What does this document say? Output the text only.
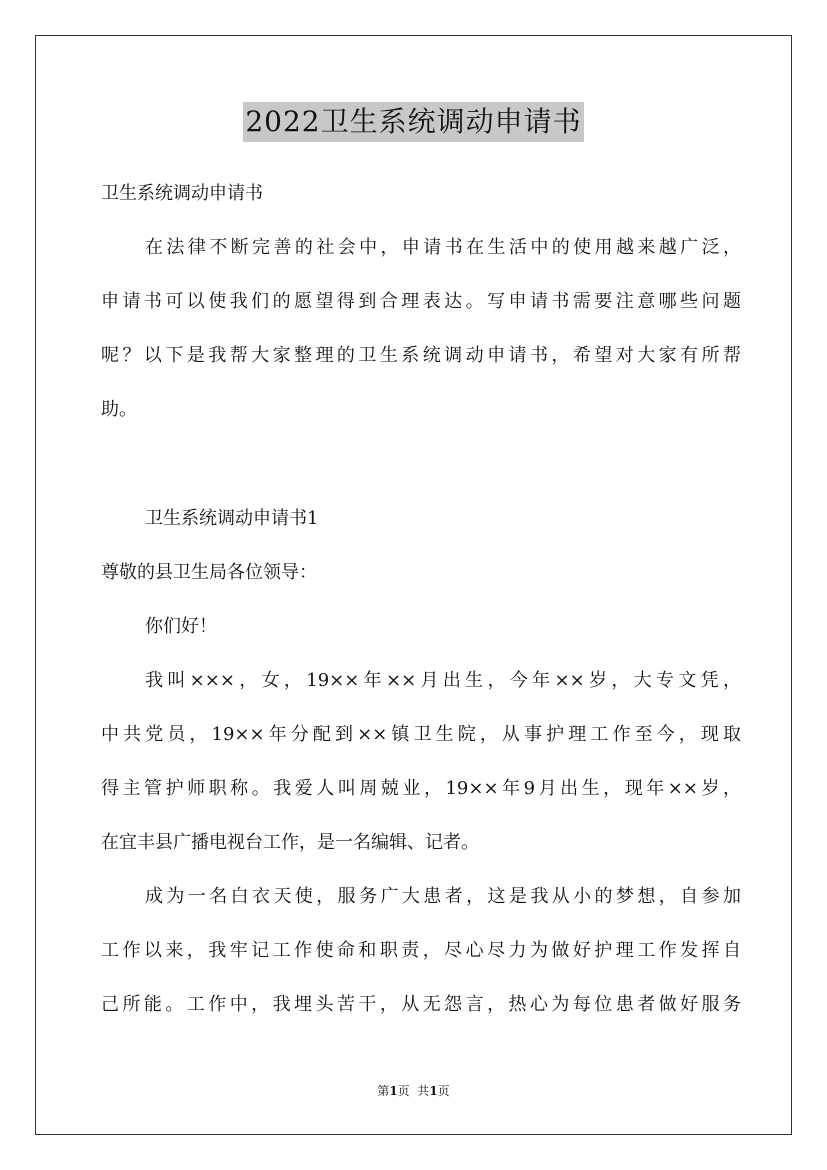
2022卫生系统调动申请书
卫生系统调动申请书
在法律不断完善的社会中，申请书在生活中的使用越来越广泛，
申请书可以使我们的愿望得到合理表达。写申请书需要注意哪些问题
呢？以下是我帮大家整理的卫生系统调动申请书，希望对大家有所帮
助。
卫生系统调动申请书1
尊敬的县卫生局各位领导：
你们好！
我叫×××，女，19××年××月出生，今年××岁，大专文凭，
中共党员，19××年分配到××镇卫生院，从事护理工作至今，现取
得主管护师职称。我爱人叫周兢业，19××年9月出生，现年××岁，
在宜丰县广播电视台工作，是一名编辑、记者。
成为一名白衣天使，服务广大患者，这是我从小的梦想，自参加
工作以来，我牢记工作使命和职责，尽心尽力为做好护理工作发挥自
己所能。工作中，我埋头苦干，从无怨言，热心为每位患者做好服务
第1页  共1页
